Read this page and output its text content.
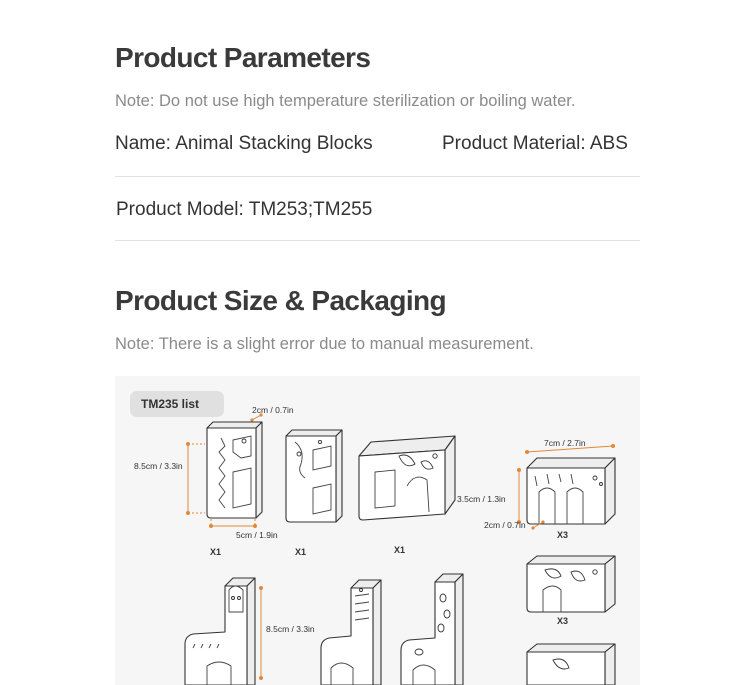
Product Parameters
Note: Do not use high temperature sterilization or boiling water.
Name: Animal Stacking Blocks	Product Material: ABS
Product Model: TM253;TM255
Product Size & Packaging
Note: There is a slight error due to manual measurement.
TM235 list	2cm / 0.7in
8.5cm / 3.3in
5cm / 1.9in
X1	X1	X1
7cm / 2.7in
3.5cm / 1.3in
2cm / 0.7in
X3
X3
8.5cm / 3.3in
